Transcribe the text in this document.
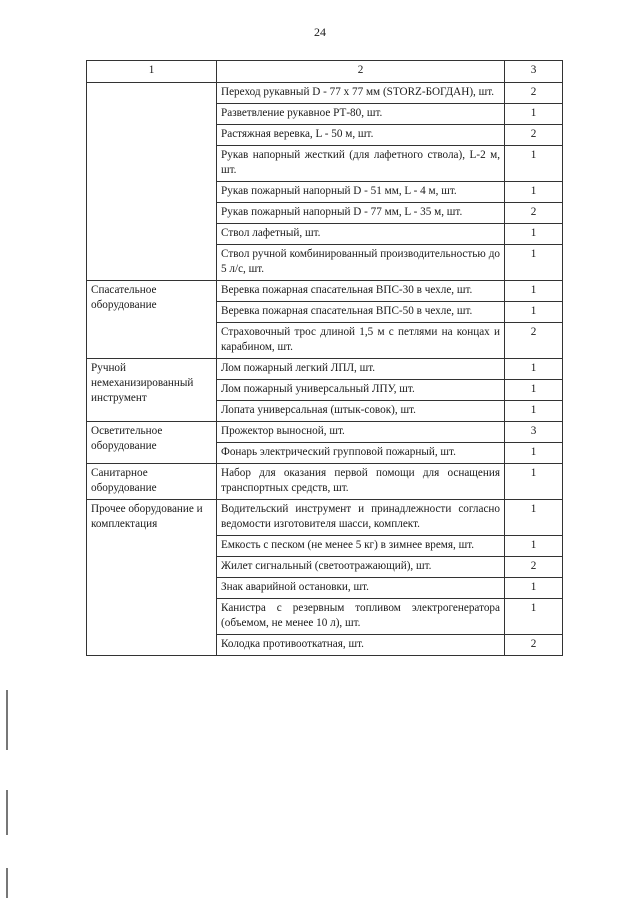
24
1	2	3
	Переход рукавный D - 77 х 77 мм (STORZ-БОГДАН), шт.	2
	Разветвление рукавное РТ-80, шт.	1
	Растяжная веревка, L - 50 м, шт.	2
	Рукав напорный жесткий (для лафетного ствола), L-2 м, шт.	1
	Рукав пожарный напорный D - 51 мм, L - 4 м, шт.	1
	Рукав пожарный напорный D - 77 мм, L - 35 м, шт.	2
	Ствол лафетный, шт.	1
	Ствол ручной комбинированный производительностью до 5 л/с, шт.	1
Спасательное оборудование	Веревка пожарная спасательная ВПС-30 в чехле, шт.	1
	Веревка пожарная спасательная ВПС-50 в чехле, шт.	1
	Страховочный трос длиной 1,5 м с петлями на концах и карабином, шт.	2
Ручной немеханизированный инструмент	Лом пожарный легкий ЛПЛ, шт.	1
	Лом пожарный универсальный ЛПУ, шт.	1
	Лопата универсальная (штык-совок), шт.	1
Осветительное оборудование	Прожектор выносной, шт.	3
	Фонарь электрический групповой пожарный, шт.	1
Санитарное оборудование	Набор для оказания первой помощи для оснащения транспортных средств, шт.	1
Прочее оборудование и комплектация	Водительский инструмент и принадлежности согласно ведомости изготовителя шасси, комплект.	1
	Емкость с песком (не менее 5 кг) в зимнее время, шт.	1
	Жилет сигнальный (светоотражающий), шт.	2
	Знак аварийной остановки, шт.	1
	Канистра с резервным топливом электрогенератора (объемом, не менее 10 л), шт.	1
	Колодка противооткатная, шт.	2
